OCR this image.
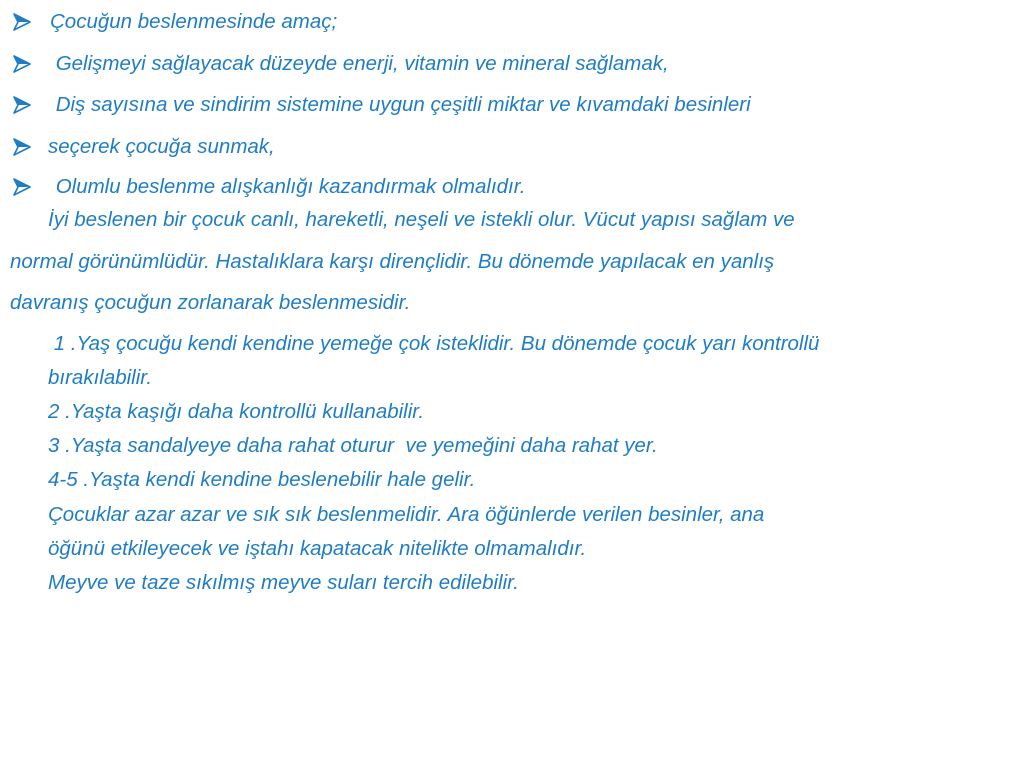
Çocuğun beslenmesinde amaç;
Gelişmeyi sağlayacak düzeyde enerji, vitamin ve mineral sağlamak,
Diş sayısına ve sindirim sistemine uygun çeşitli miktar ve kıvamdaki besinleri
seçerek çocuğa sunmak,
Olumlu beslenme alışkanlığı kazandırmak olmalıdır.
İyi beslenen bir çocuk canlı, hareketli, neşeli ve istekli olur. Vücut yapısı sağlam ve
normal görünümlüdür. Hastalıklara karşı dirençlidir. Bu dönemde yapılacak en yanlış
davranış çocuğun zorlanarak beslenmesidir.
1 .Yaş çocuğu kendi kendine yemeğe çok isteklidir. Bu dönemde çocuk yarı kontrollü
bırakılabilir.
2 .Yaşta kaşığı daha kontrollü kullanabilir.
3 .Yaşta sandalyeye daha rahat oturur  ve yemeğini daha rahat yer.
4-5 .Yaşta kendi kendine beslenebilir hale gelir.
Çocuklar azar azar ve sık sık beslenmelidir. Ara öğünlerde verilen besinler, ana
öğünü etkileyecek ve iştahı kapatacak nitelikte olmamalıdır.
Meyve ve taze sıkılmış meyve suları tercih edilebilir.
